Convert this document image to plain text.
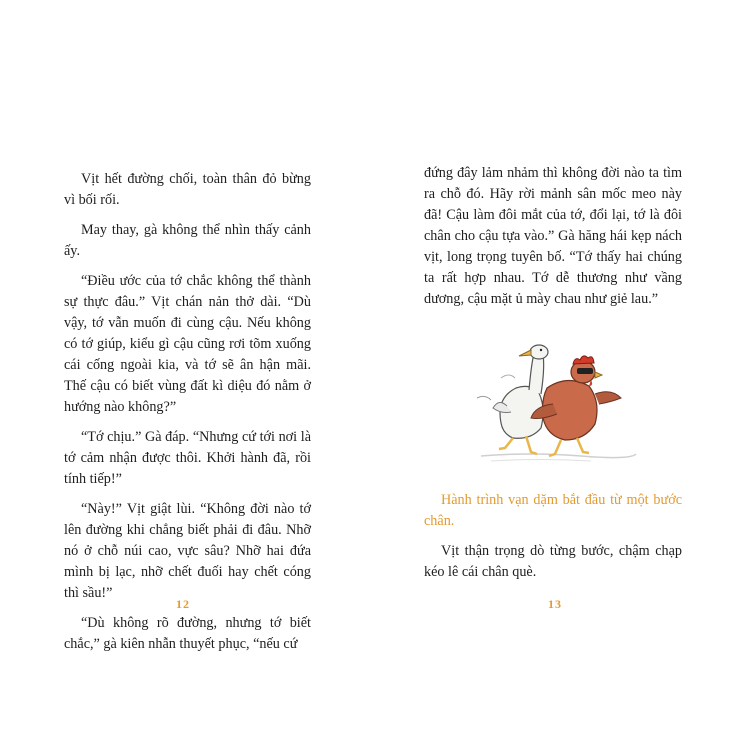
Vịt hết đường chối, toàn thân đỏ bừng vì bối rối.

May thay, gà không thể nhìn thấy cảnh ấy.

“Điều ước của tớ chắc không thể thành sự thực đâu.” Vịt chán nản thở dài. “Dù vậy, tớ vẫn muốn đi cùng cậu. Nếu không có tớ giúp, kiểu gì cậu cũng rơi tõm xuống cái cống ngoài kia, và tớ sẽ ân hận mãi. Thế cậu có biết vùng đất kì diệu đó nằm ở hướng nào không?”

“Tớ chịu.” Gà đáp. “Nhưng cứ tới nơi là tớ cảm nhận được thôi. Khởi hành đã, rồi tính tiếp!”

“Này!” Vịt giật lùi. “Không đời nào tớ lên đường khi chẳng biết phải đi đâu. Nhỡ nó ở chỗ núi cao, vực sâu? Nhỡ hai đứa mình bị lạc, nhỡ chết đuối hay chết cóng thì sầu!”

“Dù không rõ đường, nhưng tớ biết chắc,” gà kiên nhẫn thuyết phục, “nếu cứ

12

đứng đây lảm nhảm thì không đời nào ta tìm ra chỗ đó. Hãy rời mảnh sân mốc meo này đã! Cậu làm đôi mắt của tớ, đổi lại, tớ là đôi chân cho cậu tựa vào.” Gà hăng hái kẹp nách vịt, long trọng tuyên bố. “Tớ thấy hai chúng ta rất hợp nhau. Tớ dễ thương như vầng dương, cậu mặt ủ mày chau như giẻ lau.”

Hành trình vạn dặm bắt đầu từ một bước chân.

Vịt thận trọng dò từng bước, chậm chạp kéo lê cái chân què.

13
